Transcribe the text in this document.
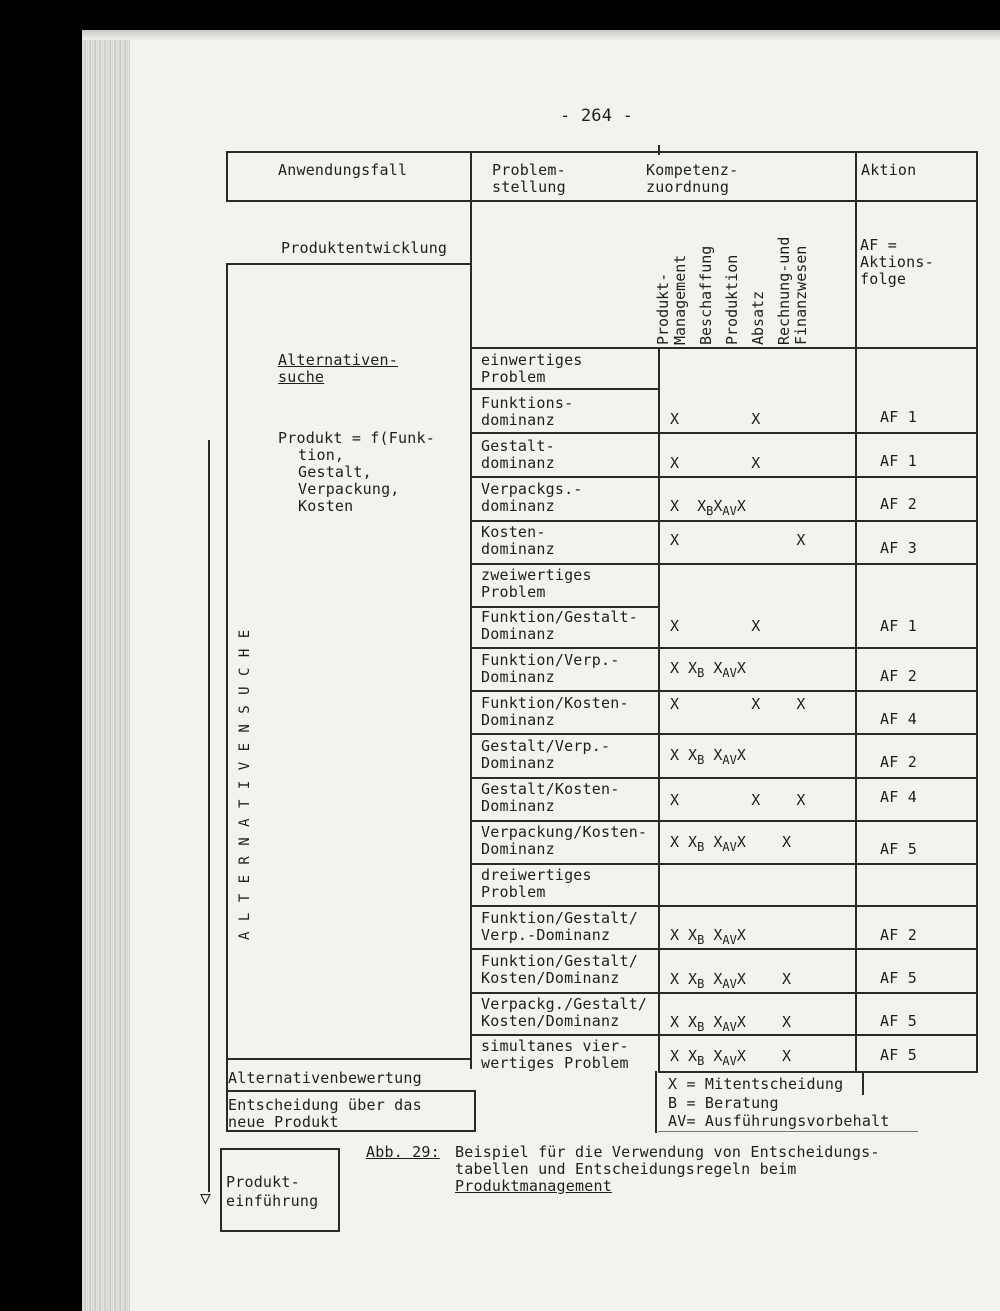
- 264 -
Anwendungsfall	Problem-
stellung
Kompetenz-
zuordnung
Aktion
Produktentwicklung
Produkt- Management Beschaffung Produktion Absatz Rechnung-und Finanzwesen
AF =
Aktions-
folge
Alternativen-
suche
Produkt = f(Funk-
tion,
Gestalt,
Verpackung,
Kosten
A L T E R N A T I V E N S U C H E
Alternativenbewertung
Entscheidung über das
neue Produkt
Produkt-
einführung
▽
einwertiges
Problem
Funktions-
dominanz
Gestalt-
dominanz
Verpackgs.-
dominanz
Kosten-
dominanz
zweiwertiges
Problem
Funktion/Gestalt-
Dominanz
Funktion/Verp.-
Dominanz
Funktion/Kosten-
Dominanz
Gestalt/Verp.-
Dominanz
Gestalt/Kosten-
Dominanz
Verpackung/Kosten-
Dominanz
dreiwertiges
Problem
Funktion/Gestalt/
Verp.-Dominanz
Funktion/Gestalt/
Kosten/Dominanz
Verpackg./Gestalt/
Kosten/Dominanz
simultanes vier-
wertiges Problem
X        X
X        X
X  $X_BX_{AV}X$
X             X
X        X
X $X_B$ $X_{AV}X$
X        X    X
X $X_B$ $X_{AV}X$
X        X    X
X $X_B$ $X_{AV}X$    X
X $X_B$ $X_{AV}X$
X $X_B$ $X_{AV}X$    X
X $X_B$ $X_{AV}X$    X
X $X_B$ $X_{AV}X$    X
AF 1
AF 1
AF 2
AF 3
AF 1
AF 2
AF 4
AF 2
AF 4
AF 5
AF 2
AF 5
AF 5
AF 5
X = Mitentscheidung
B = Beratung
AV= Ausführungsvorbehalt
Abb. 29: Beispiel für die Verwendung von Entscheidungs-
tabellen und Entscheidungsregeln beim
Produktmanagement
